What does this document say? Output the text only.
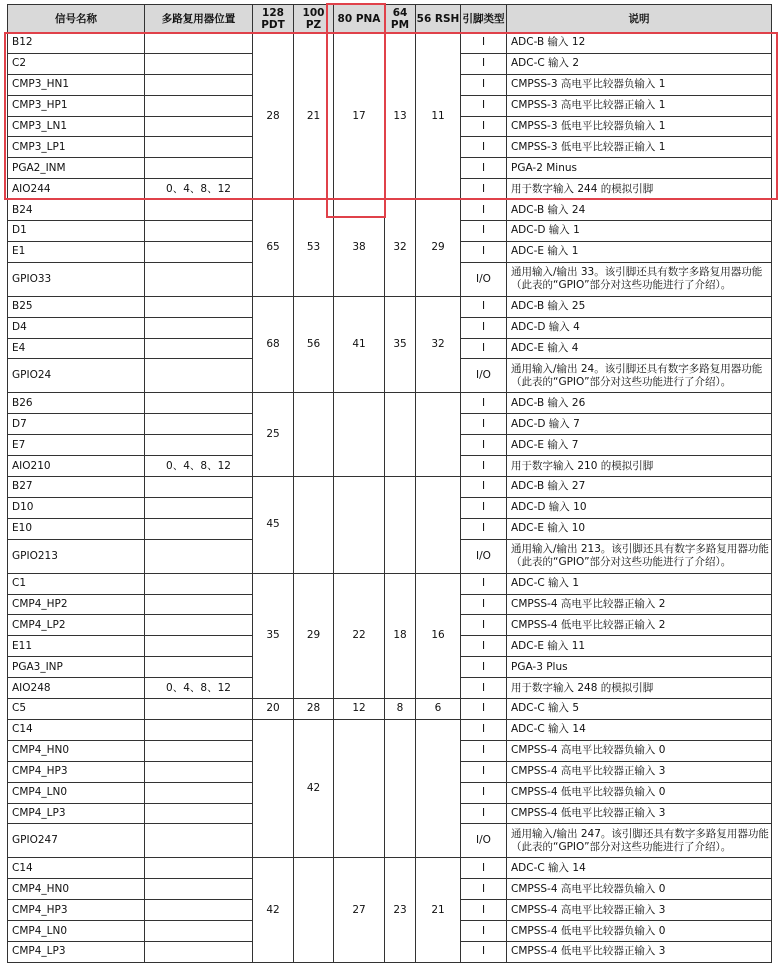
信号名称	多路复用器位置	128 PDT	100 PZ	80 PNA	64 PM	56 RSH	引脚类型	说明
B12		28	21	17	13	11	I	ADC-B 输入 12
C2							I	ADC-C 输入 2
CMP3_HN1							I	CMPSS-3 高电平比较器负输入 1
CMP3_HP1							I	CMPSS-3 高电平比较器正输入 1
CMP3_LN1							I	CMPSS-3 低电平比较器负输入 1
CMP3_LP1							I	CMPSS-3 低电平比较器正输入 1
PGA2_INM							I	PGA-2 Minus
AIO244	0、4、8、12						I	用于数字输入 244 的模拟引脚
B24		65	53	38	32	29	I	ADC-B 输入 24
D1							I	ADC-D 输入 1
E1							I	ADC-E 输入 1
GPIO33							I/O	通用输入/输出 33。该引脚还具有数字多路复用器功能（此表的“GPIO”部分对这些功能进行了介绍）。
B25		68	56	41	35	32	I	ADC-B 输入 25
D4							I	ADC-D 输入 4
E4							I	ADC-E 输入 4
GPIO24							I/O	通用输入/输出 24。该引脚还具有数字多路复用器功能（此表的“GPIO”部分对这些功能进行了介绍）。
B26		25					I	ADC-B 输入 26
D7							I	ADC-D 输入 7
E7							I	ADC-E 输入 7
AIO210	0、4、8、12						I	用于数字输入 210 的模拟引脚
B27		45					I	ADC-B 输入 27
D10							I	ADC-D 输入 10
E10							I	ADC-E 输入 10
GPIO213							I/O	通用输入/输出 213。该引脚还具有数字多路复用器功能（此表的“GPIO”部分对这些功能进行了介绍）。
C1		35	29	22	18	16	I	ADC-C 输入 1
CMP4_HP2							I	CMPSS-4 高电平比较器正输入 2
CMP4_LP2							I	CMPSS-4 低电平比较器正输入 2
E11							I	ADC-E 输入 11
PGA3_INP							I	PGA-3 Plus
AIO248	0、4、8、12						I	用于数字输入 248 的模拟引脚
C5		20	28	12	8	6	I	ADC-C 输入 5
C14			42				I	ADC-C 输入 14
CMP4_HN0							I	CMPSS-4 高电平比较器负输入 0
CMP4_HP3							I	CMPSS-4 高电平比较器正输入 3
CMP4_LN0							I	CMPSS-4 低电平比较器负输入 0
CMP4_LP3							I	CMPSS-4 低电平比较器正输入 3
GPIO247							I/O	通用输入/输出 247。该引脚还具有数字多路复用器功能（此表的“GPIO”部分对这些功能进行了介绍）。
C14		42		27	23	21	I	ADC-C 输入 14
CMP4_HN0							I	CMPSS-4 高电平比较器负输入 0
CMP4_HP3							I	CMPSS-4 高电平比较器正输入 3
CMP4_LN0							I	CMPSS-4 低电平比较器负输入 0
CMP4_LP3							I	CMPSS-4 低电平比较器正输入 3
